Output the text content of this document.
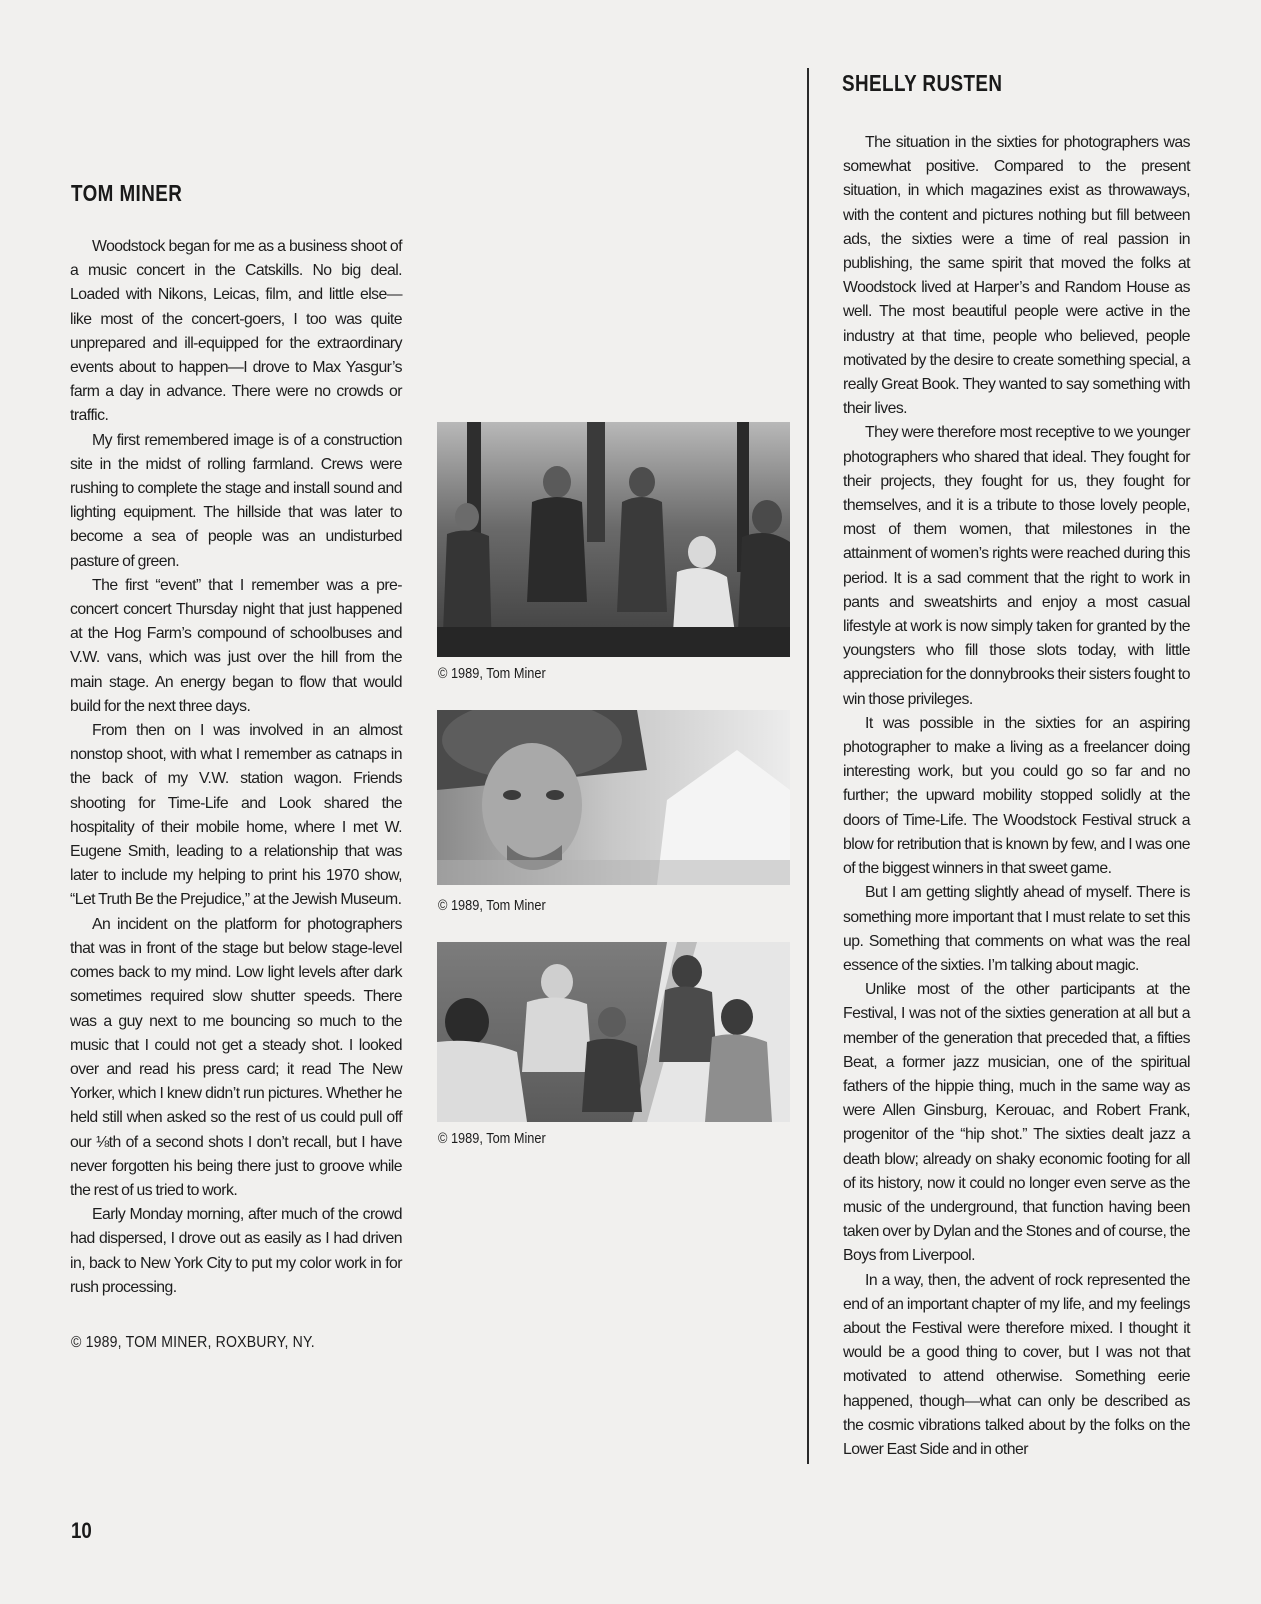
TOM MINER

Woodstock began for me as a business shoot of a music concert in the Catskills. No big deal. Loaded with Nikons, Leicas, film, and little else—like most of the concert-goers, I too was quite unprepared and ill-equipped for the extraordinary events about to happen—I drove to Max Yasgur’s farm a day in advance. There were no crowds or traffic.

My first remembered image is of a construction site in the midst of rolling farmland. Crews were rushing to complete the stage and install sound and lighting equipment. The hillside that was later to become a sea of people was an undisturbed pasture of green.

The first “event” that I remember was a pre-concert concert Thursday night that just happened at the Hog Farm’s compound of schoolbuses and V.W. vans, which was just over the hill from the main stage. An energy began to flow that would build for the next three days.

From then on I was involved in an almost nonstop shoot, with what I remember as catnaps in the back of my V.W. station wagon. Friends shooting for Time-Life and Look shared the hospitality of their mobile home, where I met W. Eugene Smith, leading to a relationship that was later to include my helping to print his 1970 show, “Let Truth Be the Prejudice,” at the Jewish Museum.

An incident on the platform for photographers that was in front of the stage but below stage-level comes back to my mind. Low light levels after dark sometimes required slow shutter speeds. There was a guy next to me bouncing so much to the music that I could not get a steady shot. I looked over and read his press card; it read The New Yorker, which I knew didn’t run pictures. Whether he held still when asked so the rest of us could pull off our ⅛th of a second shots I don’t recall, but I have never forgotten his being there just to groove while the rest of us tried to work.

Early Monday morning, after much of the crowd had dispersed, I drove out as easily as I had driven in, back to New York City to put my color work in for rush processing.

© 1989, TOM MINER, ROXBURY, NY.
© 1989, Tom Miner
© 1989, Tom Miner
© 1989, Tom Miner
SHELLY RUSTEN

The situation in the sixties for photographers was somewhat positive. Compared to the present situation, in which magazines exist as throwaways, with the content and pictures nothing but fill between ads, the sixties were a time of real passion in publishing, the same spirit that moved the folks at Woodstock lived at Harper’s and Random House as well. The most beautiful people were active in the industry at that time, people who believed, people motivated by the desire to create something special, a really Great Book. They wanted to say something with their lives.

They were therefore most receptive to we younger photographers who shared that ideal. They fought for their projects, they fought for us, they fought for themselves, and it is a tribute to those lovely people, most of them women, that milestones in the attainment of women’s rights were reached during this period. It is a sad comment that the right to work in pants and sweatshirts and enjoy a most casual lifestyle at work is now simply taken for granted by the youngsters who fill those slots today, with little appreciation for the donnybrooks their sisters fought to win those privileges.

It was possible in the sixties for an aspiring photographer to make a living as a freelancer doing interesting work, but you could go so far and no further; the upward mobility stopped solidly at the doors of Time-Life. The Woodstock Festival struck a blow for retribution that is known by few, and I was one of the biggest winners in that sweet game.

But I am getting slightly ahead of myself. There is something more important that I must relate to set this up. Something that comments on what was the real essence of the sixties. I’m talking about magic.

Unlike most of the other participants at the Festival, I was not of the sixties generation at all but a member of the generation that preceded that, a fifties Beat, a former jazz musician, one of the spiritual fathers of the hippie thing, much in the same way as were Allen Ginsburg, Kerouac, and Robert Frank, progenitor of the “hip shot.” The sixties dealt jazz a death blow; already on shaky economic footing for all of its history, now it could no longer even serve as the music of the underground, that function having been taken over by Dylan and the Stones and of course, the Boys from Liverpool.

In a way, then, the advent of rock represented the end of an important chapter of my life, and my feelings about the Festival were therefore mixed. I thought it would be a good thing to cover, but I was not that motivated to attend otherwise. Something eerie happened, though—what can only be described as the cosmic vibrations talked about by the folks on the Lower East Side and in other

10
